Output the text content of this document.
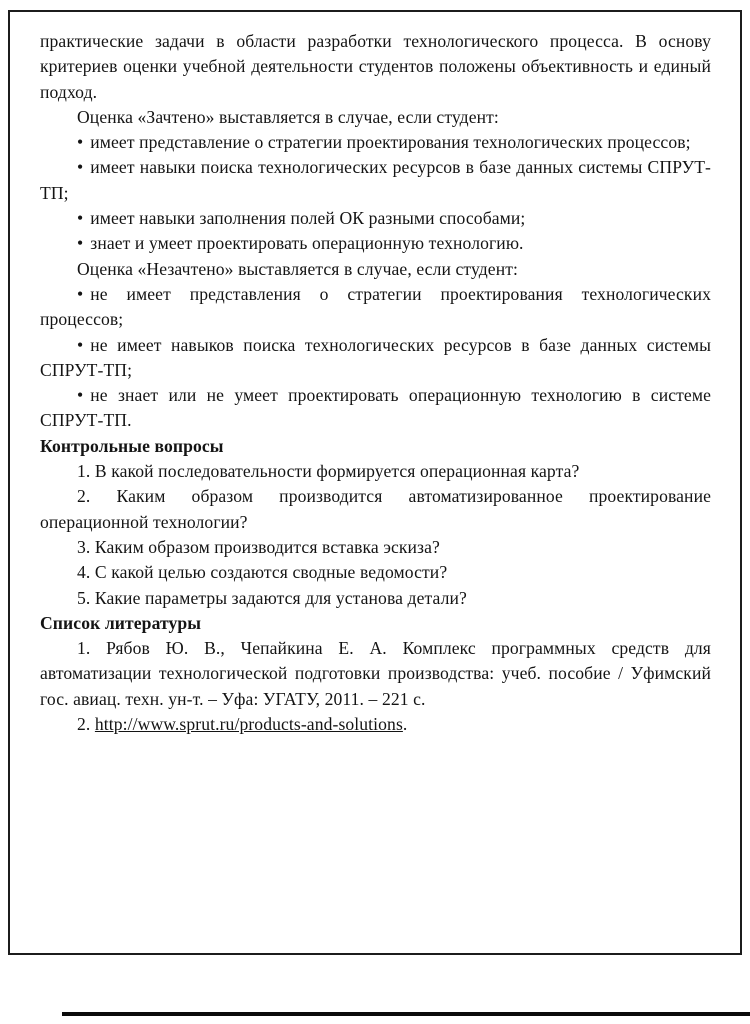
практические задачи в области разработки технологического процесса. В основу критериев оценки учебной деятельности студентов положены объективность и единый подход.

Оценка «Зачтено» выставляется в случае, если студент:

• имеет представление о стратегии проектирования технологических процессов;

• имеет навыки поиска технологических ресурсов в базе данных системы СПРУТ-ТП;

• имеет навыки заполнения полей ОК разными способами;

• знает и умеет проектировать операционную технологию.

Оценка «Незачтено» выставляется в случае, если студент:

• не имеет представления о стратегии проектирования технологических процессов;

• не имеет навыков поиска технологических ресурсов в базе данных системы СПРУТ-ТП;

• не знает или не умеет проектировать операционную технологию в системе СПРУТ-ТП.

Контрольные вопросы

1. В какой последовательности формируется операционная карта?

2. Каким образом производится автоматизированное проектирование операционной технологии?

3. Каким образом производится вставка эскиза?

4. С какой целью создаются сводные ведомости?

5. Какие параметры задаются для установа детали?

Список литературы

1. Рябов Ю. В., Чепайкина Е. А. Комплекс программных средств для автоматизации технологической подготовки производства: учеб. пособие / Уфимский гос. авиац. техн. ун-т. – Уфа: УГАТУ, 2011. – 221 с.

2. http://www.sprut.ru/products-and-solutions.
